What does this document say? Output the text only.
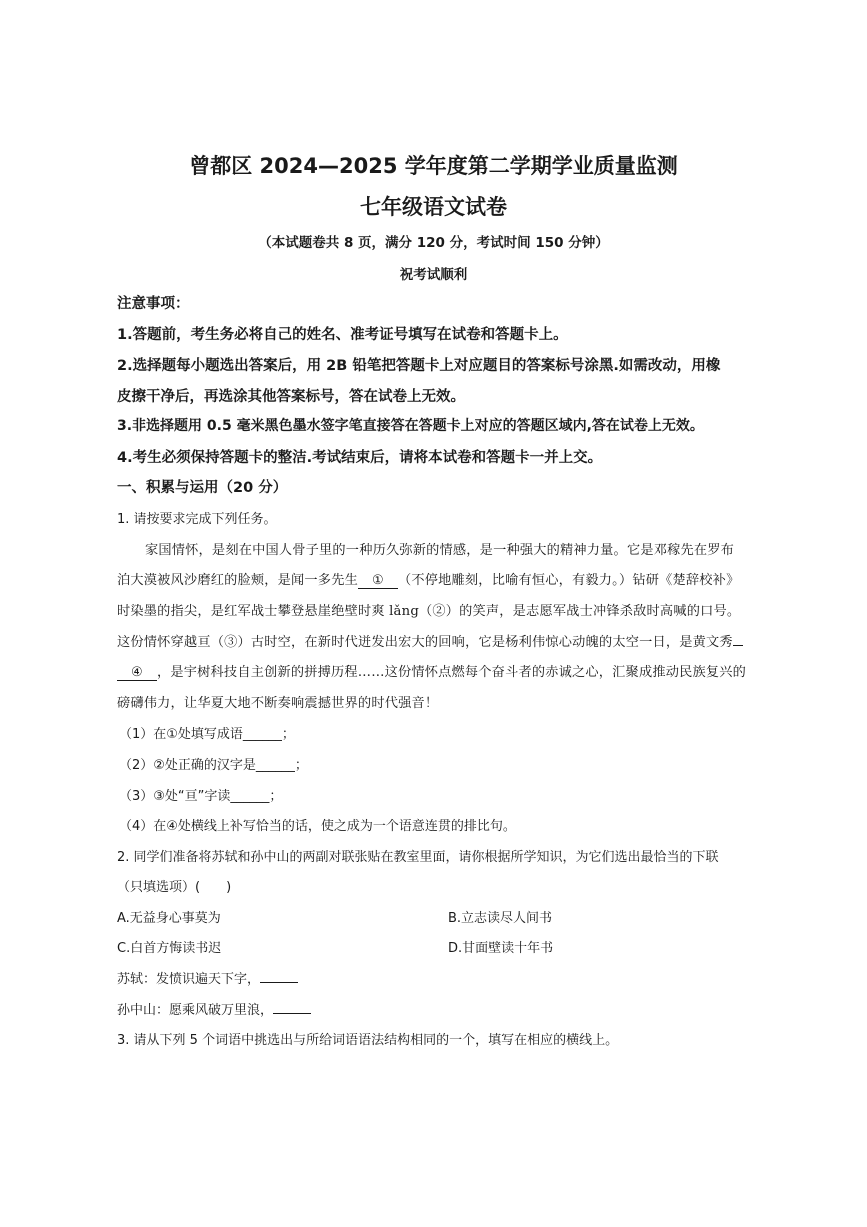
曾都区 2024—2025 学年度第二学期学业质量监测
七年级语文试卷
（本试题卷共 8 页，满分 120 分，考试时间 150 分钟）
祝考试顺利
注意事项：
1.答题前，考生务必将自己的姓名、准考证号填写在试卷和答题卡上。
2.选择题每小题选出答案后，用 2B 铅笔把答题卡上对应题目的答案标号涂黑.如需改动，用橡
皮擦干净后，再选涂其他答案标号，答在试卷上无效。
3.非选择题用 0.5 毫米黑色墨水签字笔直接答在答题卡上对应的答题区域内,答在试卷上无效。
4.考生必须保持答题卡的整洁.考试结束后，请将本试卷和答题卡一并上交。
一、积累与运用（20 分）
1. 请按要求完成下列任务。
家国情怀，是刻在中国人骨子里的一种历久弥新的情感，是一种强大的精神力量。它是邓稼先在罗布
泊大漠被风沙磨红的脸颊，是闻一多先生 ① （不停地雕刻，比喻有恒心，有毅力。）钻研《楚辞校补》
时染墨的指尖，是红军战士攀登悬崖绝壁时爽 lǎng（②）的笑声，是志愿军战士冲锋杀敌时高喊的口号。
这份情怀穿越亘（③）古时空，在新时代迸发出宏大的回响，它是杨利伟惊心动魄的太空一日，是黄文秀
④ ，是宇树科技自主创新的拼搏历程……这份情怀点燃每个奋斗者的赤诚之心，汇聚成推动民族复兴的
磅礴伟力，让华夏大地不断奏响震撼世界的时代强音！
（1）在①处填写成语______；
（2）②处正确的汉字是______；
（3）③处“亘”字读______；
（4）在④处横线上补写恰当的话，使之成为一个语意连贯的排比句。
2. 同学们准备将苏轼和孙中山的两副对联张贴在教室里面，请你根据所学知识，为它们选出最恰当的下联
（只填选项）(　　)
A.无益身心事莫为	B.立志读尽人间书
C.白首方悔读书迟	D.甘面壁读十年书
苏轼：发愤识遍天下字，
孙中山：愿乘风破万里浪，
3. 请从下列 5 个词语中挑选出与所给词语语法结构相同的一个，填写在相应的横线上。
